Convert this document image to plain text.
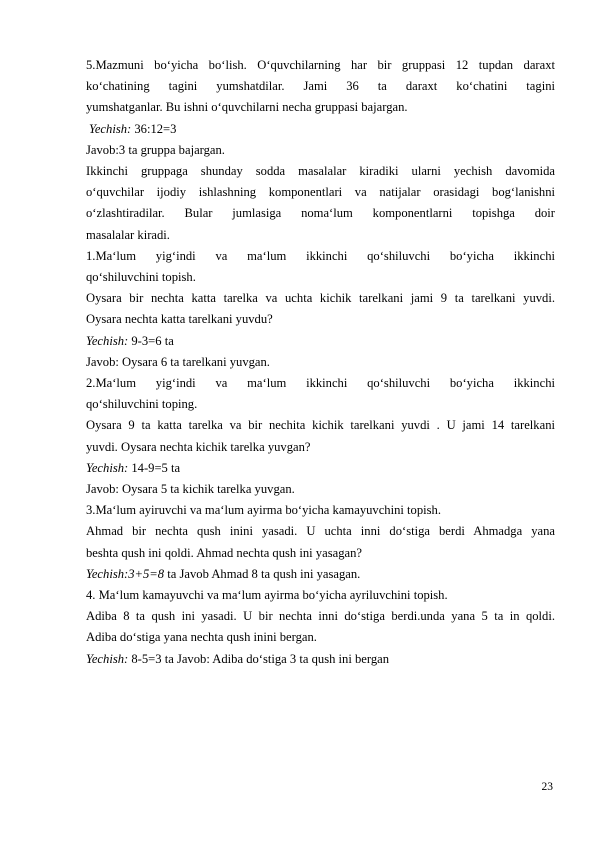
5.Mazmuni bo‘yicha bo‘lish. O‘quvchilarning har bir gruppasi 12 tupdan daraxt
ko‘chatining tagini yumshatdilar. Jami 36 ta daraxt ko‘chatini tagini
yumshatganlar. Bu ishni o‘quvchilarni necha gruppasi bajargan.

Yechish: 36:12=3

Javob:3 ta gruppa bajargan.

Ikkinchi gruppaga shunday sodda masalalar kiradiki ularni yechish davomida
o‘quvchilar ijodiy ishlashning komponentlari va natijalar orasidagi bog‘lanishni
o‘zlashtiradilar. Bular jumlasiga noma‘lum komponentlarni topishga doir
masalalar kiradi.

1.Ma‘lum yig‘indi va ma‘lum ikkinchi qo‘shiluvchi bo‘yicha ikkinchi
qo‘shiluvchini topish.

Oysara bir nechta katta tarelka va uchta kichik tarelkani jami 9 ta tarelkani yuvdi.
Oysara nechta katta tarelkani yuvdu?

Yechish: 9-3=6 ta

Javob: Oysara 6 ta tarelkani yuvgan.

2.Ma‘lum yig‘indi va ma‘lum ikkinchi qo‘shiluvchi bo‘yicha ikkinchi
qo‘shiluvchini toping.

Oysara 9 ta katta tarelka va bir nechita kichik tarelkani yuvdi . U jami 14 tarelkani
yuvdi. Oysara nechta kichik tarelka yuvgan?

Yechish: 14-9=5 ta

Javob: Oysara 5 ta kichik tarelka yuvgan.

3.Ma‘lum ayiruvchi va ma‘lum ayirma bo‘yicha kamayuvchini topish.

Ahmad bir nechta qush inini yasadi. U uchta inni do‘stiga berdi Ahmadga yana
beshta qush ini qoldi. Ahmad nechta qush ini yasagan?

Yechish:3+5=8 ta Javob Ahmad 8 ta qush ini yasagan.

4. Ma‘lum kamayuvchi va ma‘lum ayirma bo‘yicha ayriluvchini topish.

Adiba 8 ta qush ini yasadi. U bir nechta inni do‘stiga berdi.unda yana 5 ta in qoldi.
Adiba do‘stiga yana nechta qush inini bergan.

Yechish: 8-5=3 ta Javob: Adiba do‘stiga 3 ta qush ini bergan

23
